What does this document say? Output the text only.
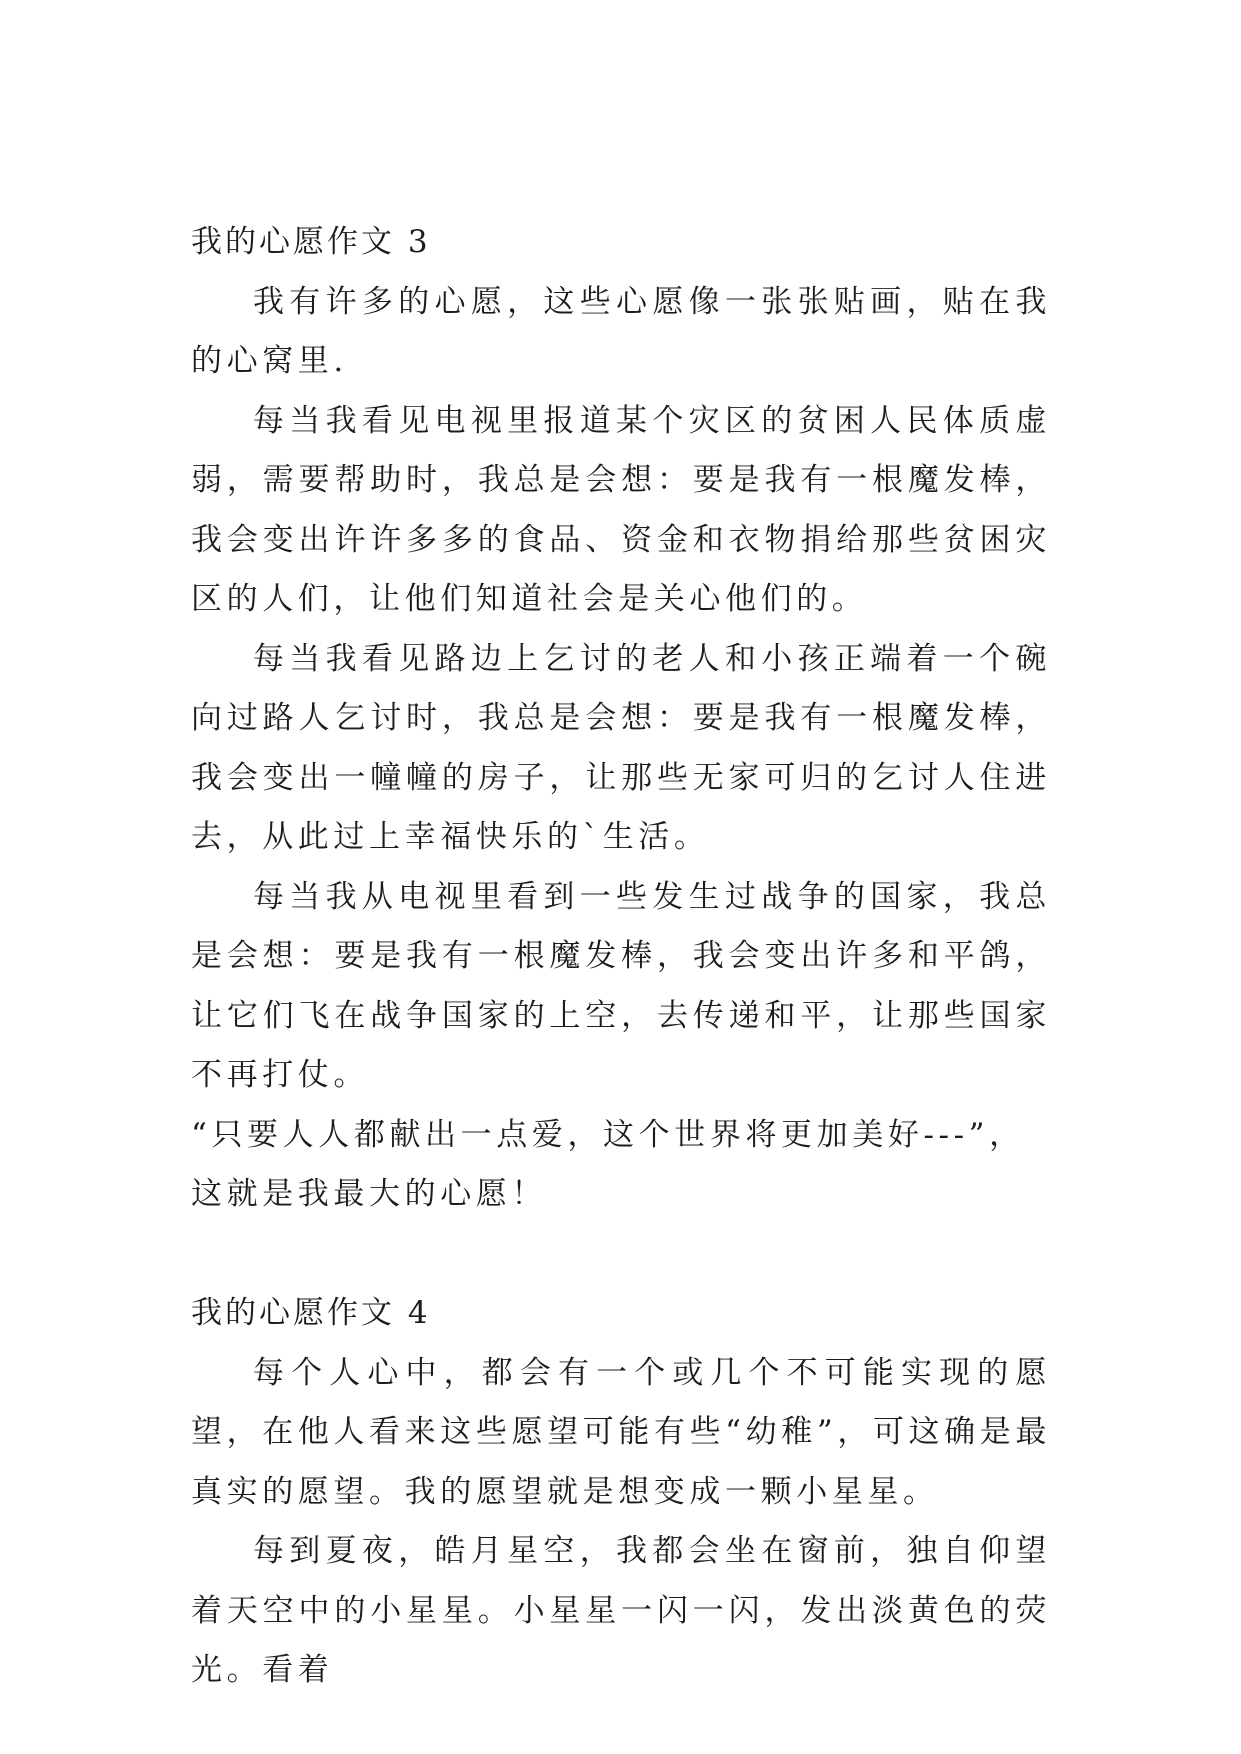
我的心愿作文 3

我有许多的心愿，这些心愿像一张张贴画，贴在我的心窝里.

每当我看见电视里报道某个灾区的贫困人民体质虚弱，需要帮助时，我总是会想：要是我有一根魔发棒，我会变出许许多多的食品、资金和衣物捐给那些贫困灾区的人们，让他们知道社会是关心他们的。

每当我看见路边上乞讨的老人和小孩正端着一个碗向过路人乞讨时，我总是会想：要是我有一根魔发棒，我会变出一幢幢的房子，让那些无家可归的乞讨人住进去，从此过上幸福快乐的`生活。

每当我从电视里看到一些发生过战争的国家，我总是会想：要是我有一根魔发棒，我会变出许多和平鸽，让它们飞在战争国家的上空，去传递和平，让那些国家不再打仗。

“只要人人都献出一点爱，这个世界将更加美好---”，这就是我最大的心愿！

我的心愿作文 4

每个人心中，都会有一个或几个不可能实现的愿望，在他人看来这些愿望可能有些“幼稚”，可这确是最真实的愿望。我的愿望就是想变成一颗小星星。

每到夏夜，皓月星空，我都会坐在窗前，独自仰望着天空中的小星星。小星星一闪一闪，发出淡黄色的荧光。看着
